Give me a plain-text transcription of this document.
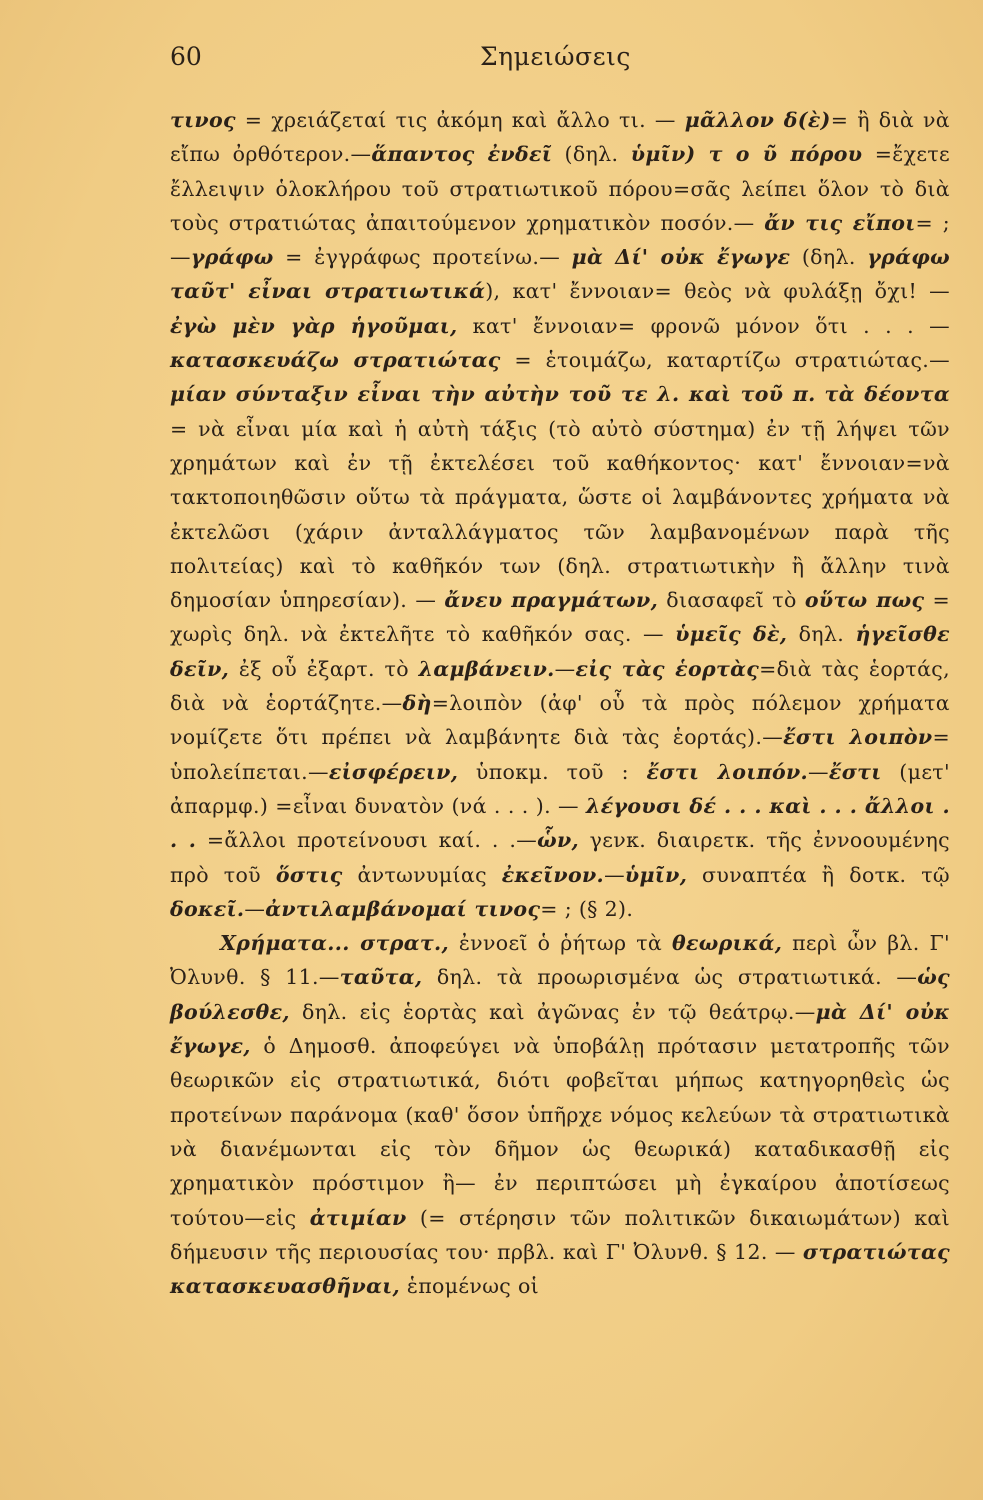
60	Σημειώσεις

τινος = χρειάζεταί τις ἀκόμη καὶ ἄλλο τι. — μᾶλλον δ(ὲ)= ἢ διὰ νὰ εἴπω ὀρθότερον.—ἅπαντος ἐνδεῖ (δηλ. ὑμῖν) τ ο ῦ πόρου =ἔχετε ἔλλειψιν ὁλοκλήρου τοῦ στρατιωτικοῦ πόρου=σᾶς λείπει ὅλον τὸ διὰ τοὺς στρατιώτας ἀπαιτούμενον χρηματικὸν ποσόν.— ἄν τις εἴποι= ; —γράφω = ἐγγράφως προτείνω.— μὰ Δί' οὐκ ἔγωγε (δηλ. γράφω ταῦτ' εἶναι στρατιωτικά), κατ' ἔννοιαν= θεὸς νὰ φυλάξῃ ὄχι! — ἐγὼ μὲν γὰρ ἡγοῦμαι, κατ' ἔννοιαν= φρονῶ μόνον ὅτι . . . — κατασκευάζω στρατιώτας = ἑτοιμάζω, καταρτίζω στρατιώτας.—μίαν σύνταξιν εἶναι τὴν αὐτὴν τοῦ τε λ. καὶ τοῦ π. τὰ δέοντα = νὰ εἶναι μία καὶ ἡ αὐτὴ τάξις (τὸ αὐτὸ σύστημα) ἐν τῇ λήψει τῶν χρημάτων καὶ ἐν τῇ ἐκτελέσει τοῦ καθήκοντος· κατ' ἔννοιαν=νὰ τακτοποιηθῶσιν οὕτω τὰ πράγματα, ὥστε οἱ λαμβάνοντες χρήματα νὰ ἐκτελῶσι (χάριν ἀνταλλάγματος τῶν λαμβανομένων παρὰ τῆς πολιτείας) καὶ τὸ καθῆκόν των (δηλ. στρατιωτικὴν ἢ ἄλλην τινὰ δημοσίαν ὑπηρεσίαν). — ἄνευ πραγμάτων, διασαφεῖ τὸ οὕτω πως = χωρὶς δηλ. νὰ ἐκτελῆτε τὸ καθῆκόν σας. — ὑμεῖς δὲ, δηλ. ἡγεῖσθε δεῖν, ἐξ οὗ ἐξαρτ. τὸ λαμβάνειν.—εἰς τὰς ἑορτὰς=διὰ τὰς ἑορτάς, διὰ νὰ ἑορτάζητε.—δὴ=λοιπὸν (ἀφ' οὗ τὰ πρὸς πόλεμον χρήματα νομίζετε ὅτι πρέπει νὰ λαμβάνητε διὰ τὰς ἑορτάς).—ἔστι λοιπὸν= ὑπολείπεται.—εἰσφέρειν, ὑποκμ. τοῦ : ἔστι λοιπόν.—ἔστι (μετ' ἀπαρμφ.) =εἶναι δυνατὸν (νά . . . ). — λέγουσι δέ . . . καὶ . . . ἄλλοι . . . =ἄλλοι προτείνουσι καί. . .—ὧν, γενκ. διαιρετκ. τῆς ἐννοουμένης πρὸ τοῦ ὅστις ἀντωνυμίας ἐκεῖνον.—ὑμῖν, συναπτέα ἢ δοτκ. τῷ δοκεῖ.—ἀντιλαμβάνομαί τινος= ; (§ 2).

Χρήματα... στρατ., ἐννοεῖ ὁ ῥήτωρ τὰ θεωρικά, περὶ ὧν βλ. Γ' Ὀλυνθ. § 11.—ταῦτα, δηλ. τὰ προωρισμένα ὡς στρατιωτικά. —ὡς βούλεσθε, δηλ. εἰς ἑορτὰς καὶ ἀγῶνας ἐν τῷ θεάτρῳ.—μὰ Δί' οὐκ ἔγωγε, ὁ Δημοσθ. ἀποφεύγει νὰ ὑποβάλῃ πρότασιν μετατροπῆς τῶν θεωρικῶν εἰς στρατιωτικά, διότι φοβεῖται μήπως κατηγορηθεὶς ὡς προτείνων παράνομα (καθ' ὅσον ὑπῆρχε νόμος κελεύων τὰ στρατιωτικὰ νὰ διανέμωνται εἰς τὸν δῆμον ὡς θεωρικά) καταδικασθῇ εἰς χρηματικὸν πρόστιμον ἢ— ἐν περιπτώσει μὴ ἐγκαίρου ἀποτίσεως τούτου—εἰς ἀτιμίαν (= στέρησιν τῶν πολιτικῶν δικαιωμάτων) καὶ δήμευσιν τῆς περιουσίας του· πρβλ. καὶ Γ' Ὀλυνθ. § 12. — στρατιώτας κατασκευασθῆναι, ἑπομένως οἱ
